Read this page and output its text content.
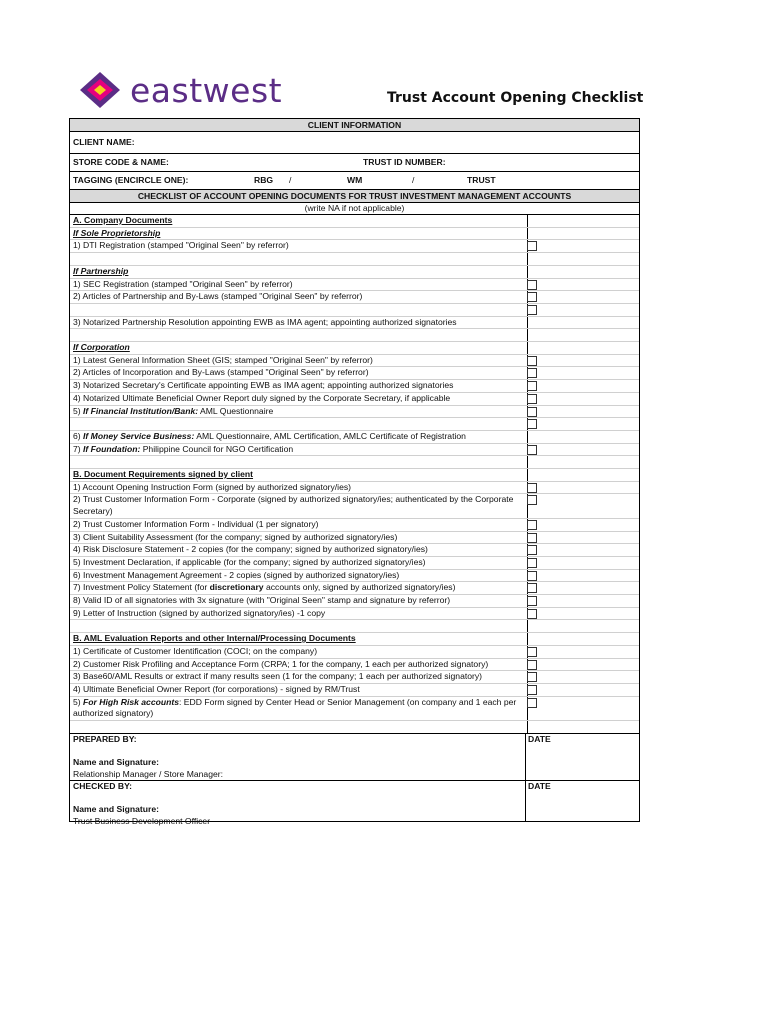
eastwest	Trust Account Opening Checklist
CLIENT INFORMATION
CLIENT NAME:
STORE CODE & NAME:	TRUST ID NUMBER:
TAGGING (ENCIRCLE ONE):	RBG /	WM	/	TRUST
CHECKLIST OF ACCOUNT OPENING DOCUMENTS FOR TRUST INVESTMENT MANAGEMENT ACCOUNTS
(write NA if not applicable)
A. Company Documents
If Sole Proprietorship
1) DTI Registration (stamped "Original Seen" by referror)
If Partnership
1) SEC Registration (stamped "Original Seen" by referror)
2) Articles of Partnership and By-Laws (stamped "Original Seen" by referror)
3) Notarized Partnership Resolution appointing EWB as IMA agent; appointing authorized signatories
If Corporation
1) Latest General Information Sheet (GIS; stamped "Original Seen" by referror)
2) Articles of Incorporation and By-Laws (stamped "Original Seen" by referror)
3) Notarized Secretary's Certificate appointing EWB as IMA agent; appointing authorized signatories
4) Notarized Ultimate Beneficial Owner Report duly signed by the Corporate Secretary, if applicable
5) If Financial Institution/Bank: AML Questionnaire
6) If Money Service Business: AML Questionnaire, AML Certification, AMLC Certificate of Registration
7) If Foundation: Philippine Council for NGO Certification
B. Document Requirements signed by client
1) Account Opening Instruction Form (signed by authorized signatory/ies)
2) Trust Customer Information Form - Corporate (signed by authorized signatory/ies; authenticated by the Corporate Secretary)
2) Trust Customer Information Form - Individual (1 per signatory)
3) Client Suitability Assessment (for the company; signed by authorized signatory/ies)
4) Risk Disclosure Statement - 2 copies (for the company; signed by authorized signatory/ies)
5) Investment Declaration, if applicable (for the company; signed by authorized signatory/ies)
6) Investment Management Agreement - 2 copies (signed by authorized signatory/ies)
7) Investment Policy Statement (for discretionary accounts only, signed by authorized signatory/ies)
8) Valid ID of all signatories with 3x signature (with "Original Seen" stamp and signature by referror)
9) Letter of Instruction (signed by authorized signatory/ies) -1 copy
B. AML Evaluation Reports and other Internal/Processing Documents
1) Certificate of Customer Identification (COCI; on the company)
2) Customer Risk Profiling and Acceptance Form (CRPA; 1 for the company, 1 each per authorized signatory)
3) Base60/AML Results or extract if many results seen (1 for the company; 1 each per authorized signatory)
4) Ultimate Beneficial Owner Report (for corporations) - signed by RM/Trust
5) For High Risk accounts: EDD Form signed by Center Head or Senior Management (on company and 1 each per authorized signatory)
PREPARED BY:
Name and Signature:
Relationship Manager / Store Manager:
DATE
CHECKED BY:
Name and Signature:
Trust Business Development Officer
DATE
